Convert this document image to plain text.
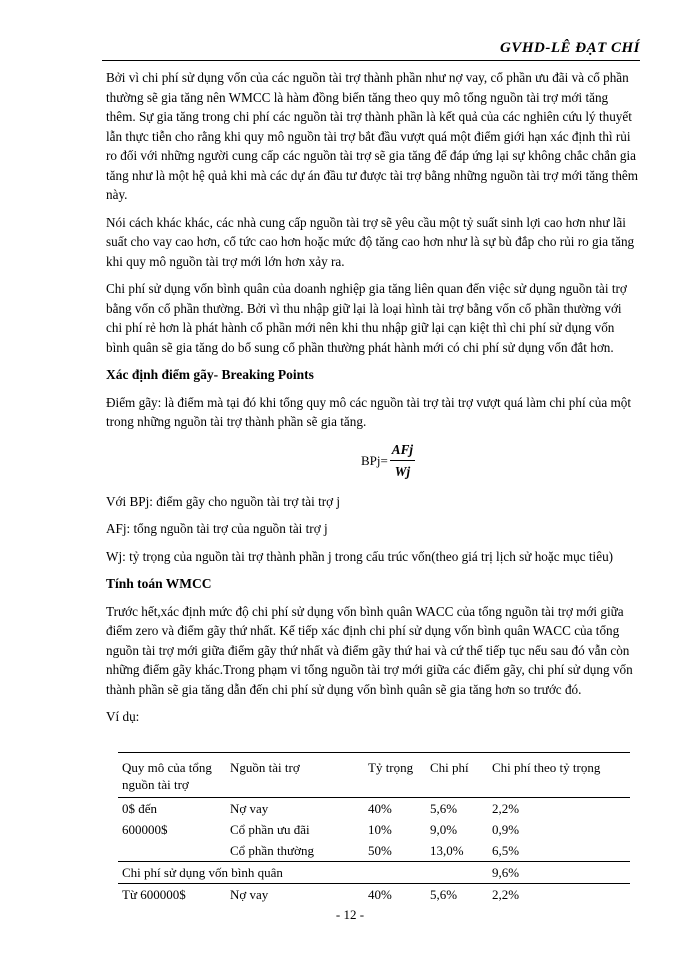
GVHD-LÊ ĐẠT CHÍ

Bởi vì chi phí sử dụng vốn của các nguồn tài trợ thành phần như nợ vay, cổ phần ưu đãi và cổ phần thường sẽ gia tăng nên WMCC là hàm đồng biến tăng theo quy mô tổng nguồn tài trợ mới tăng thêm. Sự gia tăng trong chi phí các nguồn tài trợ thành phần là kết quả của các nghiên cứu lý thuyết lẫn thực tiễn cho rằng khi quy mô nguồn tài trợ bắt đầu vượt quá một điểm giới hạn xác định thì rủi ro đối với những người cung cấp các nguồn tài trợ sẽ gia tăng để đáp ứng lại sự không chắc chắn gia tăng như là một hệ quả khi mà các dự án đầu tư được tài trợ bằng những nguồn tài trợ mới tăng thêm này.

Nói cách khác khác, các nhà cung cấp nguồn tài trợ sẽ yêu cầu một tỷ suất sinh lợi cao hơn như lãi suất cho vay cao hơn, cổ tức cao hơn hoặc mức độ tăng cao hơn như là sự bù đắp cho rủi ro gia tăng khi quy mô nguồn tài trợ mới lớn hơn xảy ra.

Chi phí sử dụng vốn bình quân của doanh nghiệp gia tăng liên quan đến việc sử dụng nguồn tài trợ bằng vốn cổ phần thường. Bởi vì thu nhập giữ lại là loại hình tài trợ bằng vốn cổ phần thường với chi phí rẻ hơn là phát hành cổ phần mới nên khi thu nhập giữ lại cạn kiệt thì chi phí sử dụng vốn bình quân sẽ gia tăng do bổ sung cổ phần thường phát hành mới có chi phí sử dụng vốn đắt hơn.

Xác định điểm gãy- Breaking Points

Điểm gãy: là điểm mà tại đó khi tổng quy mô các nguồn tài trợ tài trợ vượt quá làm chi phí của một trong những nguồn tài trợ thành phần sẽ gia tăng.

$BPj= \frac{\text{AFj}}{Wj}$

Với BPj: điểm gãy cho nguồn tài trợ tài trợ j

AFj: tổng nguồn tài trợ của nguồn tài trợ j

Wj: tỷ trọng của nguồn tài trợ thành phần j trong cấu trúc vốn(theo giá trị lịch sử hoặc mục tiêu)

Tính toán WMCC

Trước hết,xác định mức độ chi phí sử dụng vốn bình quân WACC của tổng nguồn tài trợ mới giữa điểm zero và điểm gãy thứ nhất. Kế tiếp xác định chi phí sử dụng vốn bình quân WACC của tổng nguồn tài trợ mới giữa điểm gãy thứ nhất và điểm gãy thứ hai và cứ thế tiếp tục nếu sau đó vẫn còn những điểm gãy khác.Trong phạm vi tổng nguồn tài trợ mới giữa các điểm gãy, chi phí sử dụng vốn thành phần sẽ gia tăng dẫn đến chi phí sử dụng vốn bình quân sẽ gia tăng hơn so trước đó.

Ví dụ:

Quy mô của tổng nguồn tài trợ	Nguồn tài trợ	Tỷ trọng	Chi phí	Chi phí theo tỷ trọng
0$ đến	Nợ vay	40%	5,6%	2,2%
600000$	Cổ phần ưu đãi	10%	9,0%	0,9%
	Cổ phần thường	50%	13,0%	6,5%
Chi phí sử dụng vốn bình quân				9,6%
Từ 600000$	Nợ vay	40%	5,6%	2,2%
- 12 -
